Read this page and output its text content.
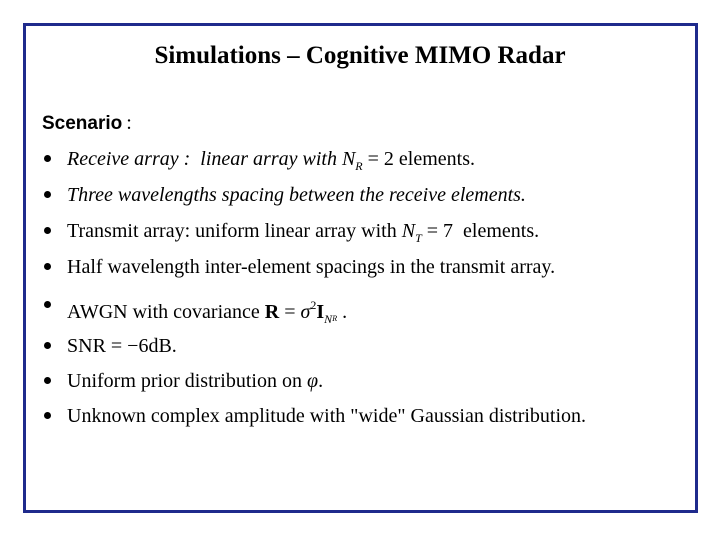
Simulations – Cognitive MIMO Radar
Scenario :
Receive array :  linear array with $N_R = 2$ elements.
Three wavelengths spacing between the receive elements.
Transmit array: uniform linear array with $N_T = 7$  elements.
Half wavelength inter-element spacings in the transmit array.
AWGN with covariance $R = \sigma^2I_NR$ .
SNR = −6dB.
Uniform prior distribution on φ.
Unknown complex amplitude with "wide" Gaussian distribution.
